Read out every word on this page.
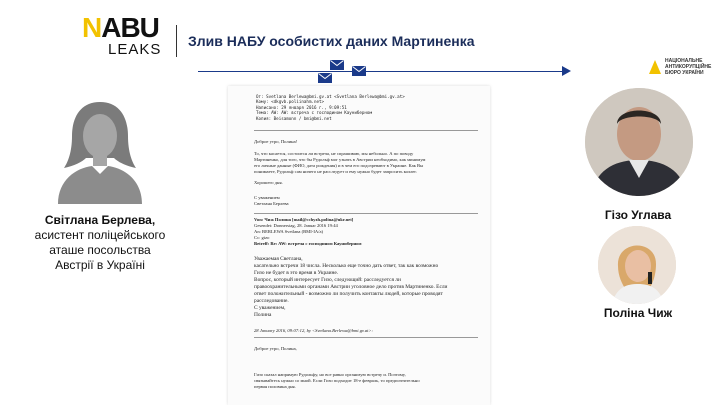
NABU
LEAKS	Злив НАБУ особистих даних Мартиненка
НАЦІОНАЛЬНЕ
АНТИКОРУПЦІЙНЕ
БЮРО УКРАЇНИ
Світлана Берлева,
асистент поліцейського
аташе посольства
Австрії в Україні
От: Svetlana Berlewa@bmi.gv.at <Svetlana Berlewa@bmi.gv.at>
Кому: <dkgvb.poliinahm.net>
Написано: 29 января 2016 г., 9:09:51
Тема: AW: AW: встреча с господином Кауниберном
Копия: Beisamonn / bmi@bmi.net
Доброе утро, Полина!
То, что касается, состоится ли встреча, не спрашиваю, мы небольно. А по поводу
Мартиненко, для того, что бы Рудольф мог узнать в Австрии необходимо, как минимум
его личные данные (ФИО, дата рождения) и в чем его подозревают в Украине. Как Вы
понимаете, Рудольф сам ничего не расследует и ему нужно будет запросить коллег.
Хорошего дня.
С уважением
Светлана Берлева
Von: Чиж Полина [mail@cchyzh.polina@ukr.net]
Gesendet: Donnerstag, 28. Januar 2016 19:44
An: BERLEWA Svetlana (BMI-IA/a)
Cc: gizo
Betreff: Re: AW: встреча с господином Кауниберном
Уважаемая Светлана,
касательно встречи 18 числа. Несколько еще точно дать ответ, так как возможно
Гизо не будет в это время в Украине.
Вопрос, который интересует Гизо, следующий: расследуется ли
правоохранительными органами Австрии уголовное дело против Мартиненко. Если
ответ положительный - возможно ли получить контакты людей, которые проводят
расследование.
С уважением,
Полина
28 January 2016, 09:07:12, by <Svetlana.Berlewa@bmi.gv.at>:
Доброе утро, Полина,
Гизо сказал напрямую Рудольфу, но все равно организую встречу и. Поэтому,
связывайтесь нужно со мной. Если Гизо подходит 18-е февраль, то предпочтительно
первая половина дня.
Гізо Углава
Поліна Чиж
